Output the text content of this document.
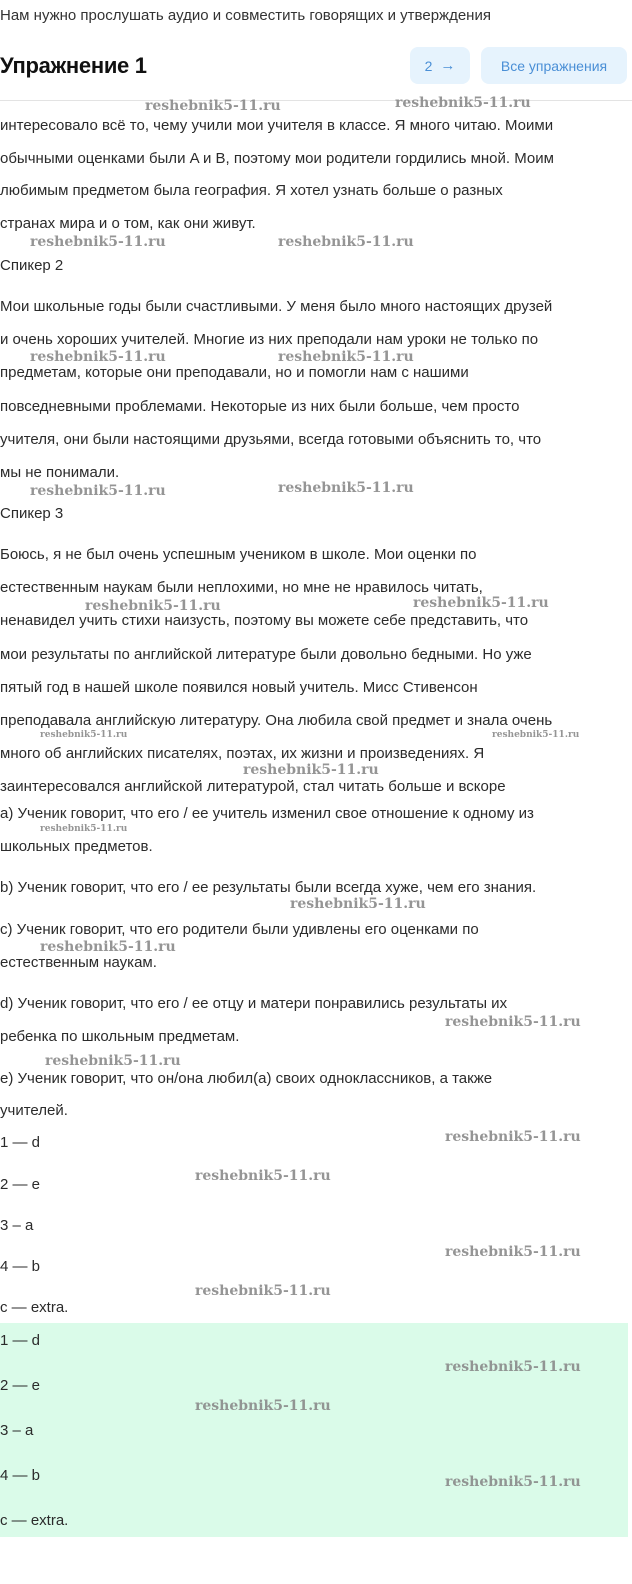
Нам нужно прослушать аудио и совместить говорящих и утверждения
Упражнение 1	2 →	Все упражнения
интересовало всё то, чему учили мои учителя в классе. Я много читаю. Моими
обычными оценками были A и B, поэтому мои родители гордились мной. Моим
любимым предметом была география. Я хотел узнать больше о разных
странах мира и о том, как они живут.
Спикер 2
Мои школьные годы были счастливыми. У меня было много настоящих друзей
и очень хороших учителей. Многие из них преподали нам уроки не только по
предметам, которые они преподавали, но и помогли нам с нашими
повседневными проблемами. Некоторые из них были больше, чем просто
учителя, они были настоящими друзьями, всегда готовыми объяснить то, что
мы не понимали.
Спикер 3
Боюсь, я не был очень успешным учеником в школе. Мои оценки по
естественным наукам были неплохими, но мне не нравилось читать,
ненавидел учить стихи наизусть, поэтому вы можете себе представить, что
мои результаты по английской литературе были довольно бедными. Но уже
пятый год в нашей школе появился новый учитель. Мисс Стивенсон
преподавала английскую литературу. Она любила свой предмет и знала очень
много об английских писателях, поэтах, их жизни и произведениях. Я
заинтересовался английской литературой, стал читать больше и вскоре
a) Ученик говорит, что его / ее учитель изменил свое отношение к одному из
школьных предметов.
b) Ученик говорит, что его / ее результаты были всегда хуже, чем его знания.
c) Ученик говорит, что его родители были удивлены его оценками по
естественным наукам.
d) Ученик говорит, что его / ее отцу и матери понравились результаты их
ребенка по школьным предметам.
e) Ученик говорит, что он/она любил(а) своих одноклассников, а также
учителей.
1 — d
2 — e
3 – a
4 — b
c — extra.
1 — d
2 — e
3 – a
4 — b
c — extra.
reshebnik5-11.ru	reshebnik5-11.ru
reshebnik5-11.ru	reshebnik5-11.ru
reshebnik5-11.ru	reshebnik5-11.ru
reshebnik5-11.ru	reshebnik5-11.ru
reshebnik5-11.ru	reshebnik5-11.ru
reshebnik5-11.ru	reshebnik5-11.ru
reshebnik5-11.ru
reshebnik5-11.ru
reshebnik5-11.ru
reshebnik5-11.ru
reshebnik5-11.ru
reshebnik5-11.ru
reshebnik5-11.ru
reshebnik5-11.ru
reshebnik5-11.ru
reshebnik5-11.ru
reshebnik5-11.ru
reshebnik5-11.ru
reshebnik5-11.ru
